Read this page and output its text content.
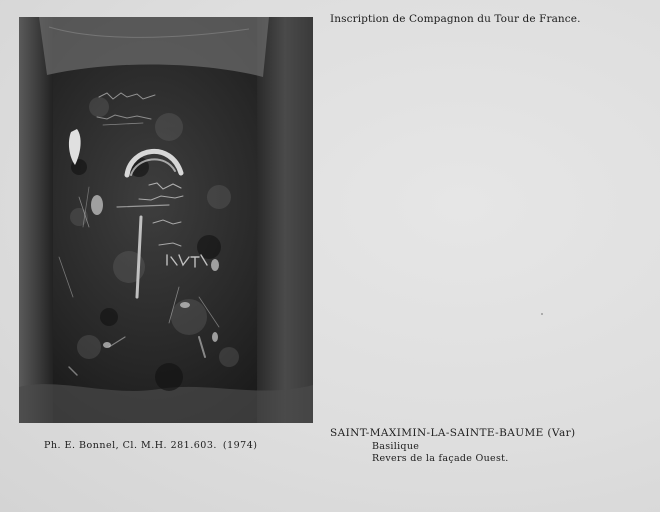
Inscription de Compagnon du Tour de France.
Ph. E. Bonnel, Cl. M.H. 281.603. (1974)
SAINT-MAXIMIN-LA-SAINTE-BAUME (Var)
Basilique
Revers de la façade Ouest.
